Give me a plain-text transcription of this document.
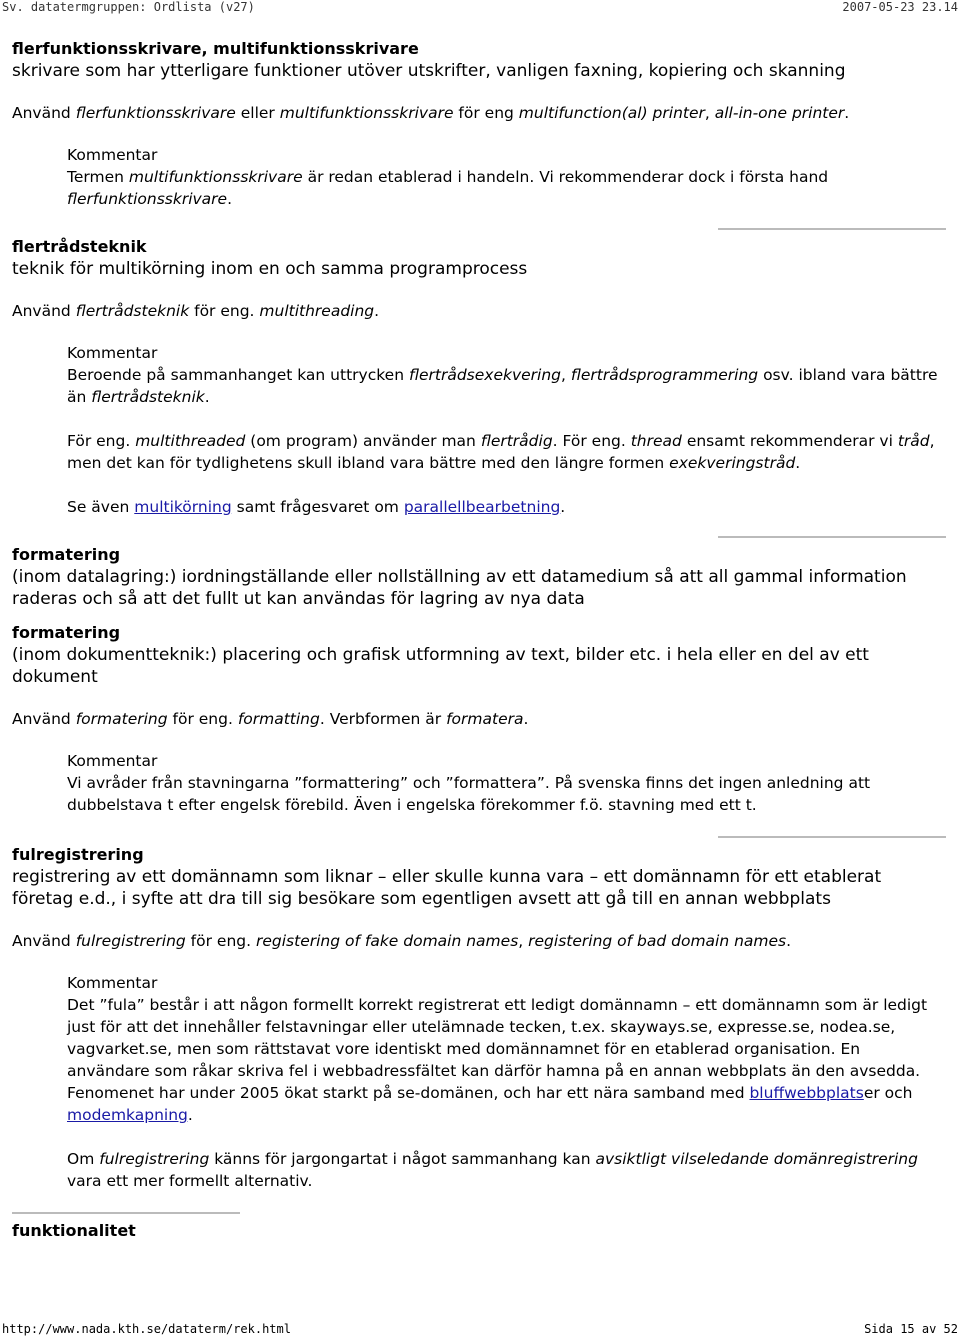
Sv. datatermgruppen: Ordlista (v27)	2007-05-23 23.14

flerfunktionsskrivare, multifunktionsskrivare

skrivare som har ytterligare funktioner utöver utskrifter, vanligen faxning, kopiering och skanning

Använd flerfunktionsskrivare eller multifunktionsskrivare för eng multifunction(al) printer, all-in-one printer.

Kommentar

Termen multifunktionsskrivare är redan etablerad i handeln. Vi rekommenderar dock i första hand flerfunktionsskrivare.

flertrådsteknik

teknik för multikörning inom en och samma programprocess

Använd flertrådsteknik för eng. multithreading.

Kommentar

Beroende på sammanhanget kan uttrycken flertrådsexekvering, flertrådsprogrammering osv. ibland vara bättre än flertrådsteknik.

För eng. multithreaded (om program) använder man flertrådig. För eng. thread ensamt rekommenderar vi tråd, men det kan för tydlighetens skull ibland vara bättre med den längre formen exekveringstråd.

Se även multikörning samt frågesvaret om parallellbearbetning.

formatering

(inom datalagring:) iordningställande eller nollställning av ett datamedium så att all gammal information raderas och så att det fullt ut kan användas för lagring av nya data

formatering

(inom dokumentteknik:) placering och grafisk utformning av text, bilder etc. i hela eller en del av ett dokument

Använd formatering för eng. formatting. Verbformen är formatera.

Kommentar

Vi avråder från stavningarna ”formattering” och ”formattera”. På svenska finns det ingen anledning att dubbelstava t efter engelsk förebild. Även i engelska förekommer f.ö. stavning med ett t.

fulregistrering

registrering av ett domännamn som liknar – eller skulle kunna vara – ett domännamn för ett etablerat företag e.d., i syfte att dra till sig besökare som egentligen avsett att gå till en annan webbplats

Använd fulregistrering för eng. registering of fake domain names, registering of bad domain names.

Kommentar

Det ”fula” består i att någon formellt korrekt registrerat ett ledigt domännamn – ett domännamn som är ledigt just för att det innehåller felstavningar eller utelämnade tecken, t.ex. skayways.se, expresse.se, nodea.se, vagvarket.se, men som rättstavat vore identiskt med domännamnet för en etablerad organisation. En användare som råkar skriva fel i webbadressfältet kan därför hamna på en annan webbplats än den avsedda. Fenomenet har under 2005 ökat starkt på se-domänen, och har ett nära samband med bluffwebbplatser och modemkapning.

Om fulregistrering känns för jargongartat i något sammanhang kan avsiktligt vilseledande domänregistrering vara ett mer formellt alternativ.

funktionalitet

http://www.nada.kth.se/dataterm/rek.html	Sida 15 av 52
